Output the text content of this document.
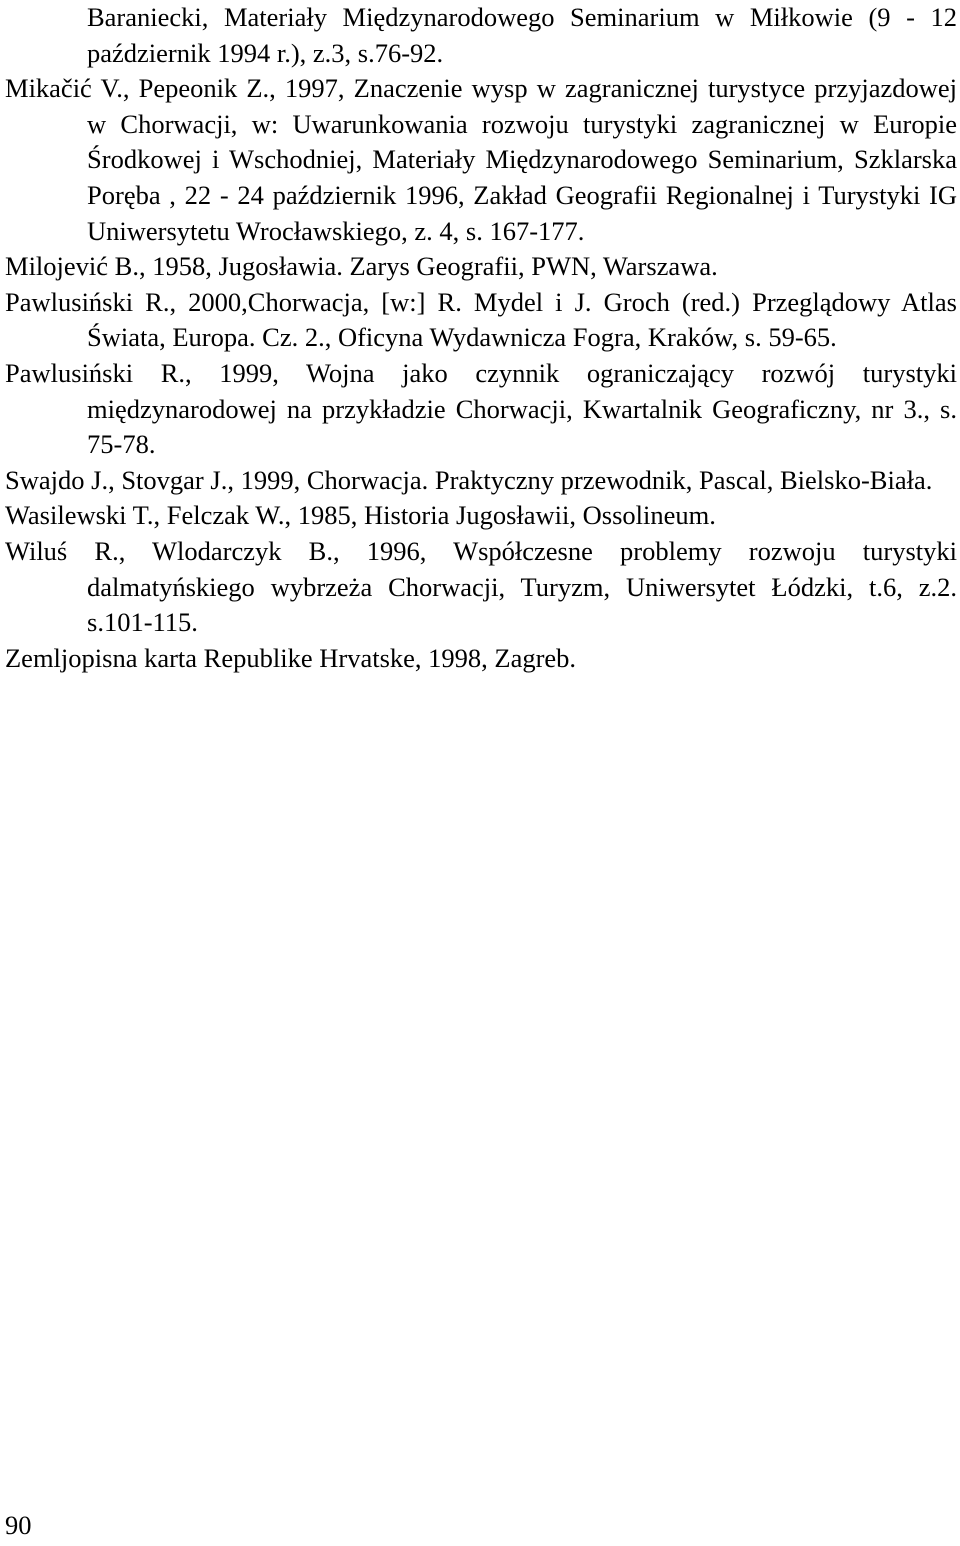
Baraniecki, Materiały Międzynarodowego Seminarium w Miłkowie (9 - 12 październik 1994 r.), z.3, s.76-92.
Mikačić V., Pepeonik Z., 1997, Znaczenie wysp w zagranicznej turystyce przyjazdowej w Chorwacji, w: Uwarunkowania rozwoju turystyki zagranicznej w Europie Środkowej i Wschodniej, Materiały Międzynarodowego Seminarium, Szklarska Poręba , 22 - 24 październik 1996, Zakład Geografii Regionalnej i Turystyki IG Uniwersytetu Wrocławskiego, z. 4, s. 167-177.
Milojević B., 1958, Jugosławia. Zarys Geografii, PWN, Warszawa.
Pawlusiński R., 2000,Chorwacja, [w:] R. Mydel i J. Groch (red.) Przeglądowy Atlas Świata, Europa. Cz. 2., Oficyna Wydawnicza Fogra, Kraków, s. 59-65.
Pawlusiński R., 1999, Wojna jako czynnik ograniczający rozwój turystyki międzynarodowej na przykładzie Chorwacji, Kwartalnik Geograficzny, nr 3., s. 75-78.
Swajdo J., Stovgar J., 1999, Chorwacja. Praktyczny przewodnik, Pascal, Bielsko-Biała.
Wasilewski T., Felczak W., 1985, Historia Jugosławii, Ossolineum.
Wiluś R., Wlodarczyk B., 1996, Współczesne problemy rozwoju turystyki dalmatyńskiego wybrzeża Chorwacji, Turyzm, Uniwersytet Łódzki, t.6, z.2. s.101-115.
Zemljopisna karta Republike Hrvatske, 1998, Zagreb.
90
